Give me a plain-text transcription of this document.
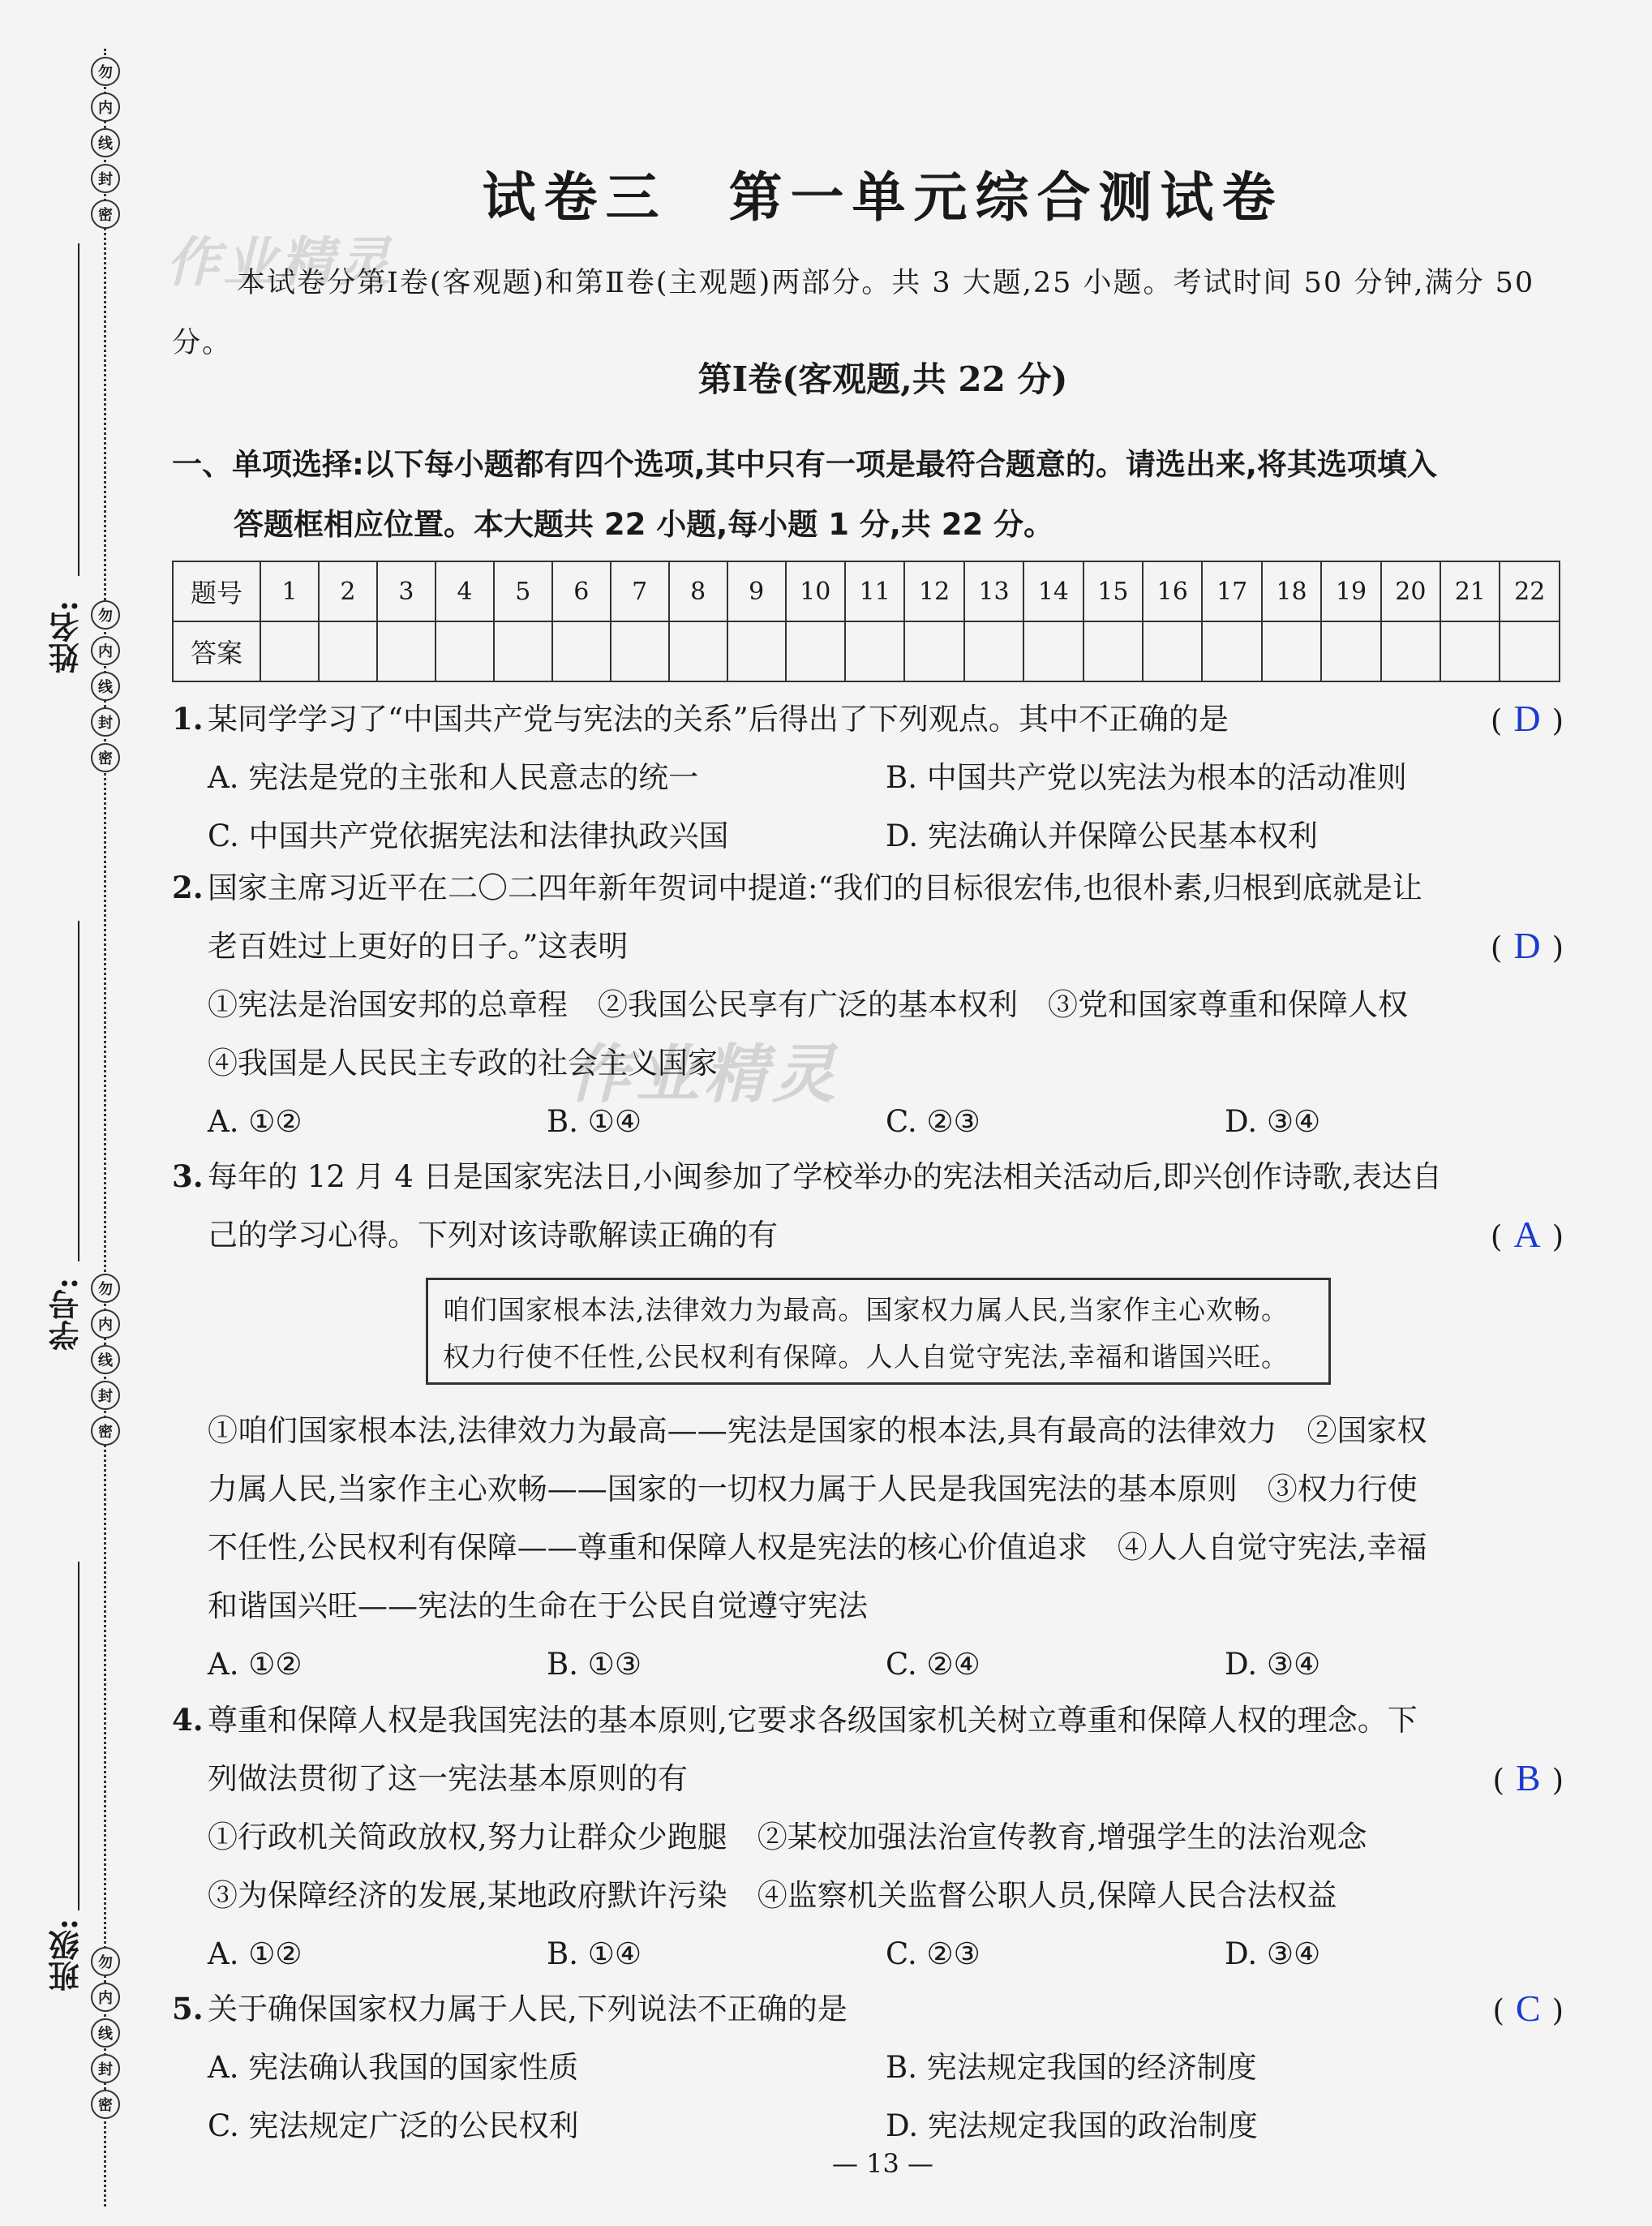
勿
内
线
封
密
姓名: 勿
内
线
封
密
学号: 勿
内
线
封
密
班级: 勿
内
线
封
密
作业精灵
作业精灵
试卷三　第一单元综合测试卷
本试卷分第Ⅰ卷(客观题)和第Ⅱ卷(主观题)两部分。共 3 大题,25 小题。考试时间 50 分钟,满分 50 分。
第Ⅰ卷(客观题,共 22 分)
一、单项选择:以下每小题都有四个选项,其中只有一项是最符合题意的。请选出来,将其选项填入
答题框相应位置。本大题共 22 小题,每小题 1 分,共 22 分。
题号	1	2	3	4	5	6	7	8	9	10	11	12	13	14	15	16	17	18	19	20	21	22
答案																						
1. 某同学学习了“中国共产党与宪法的关系”后得出了下列观点。其中不正确的是	( D )
A. 宪法是党的主张和人民意志的统一	B. 中国共产党以宪法为根本的活动准则
C. 中国共产党依据宪法和法律执政兴国	D. 宪法确认并保障公民基本权利
2. 国家主席习近平在二〇二四年新年贺词中提道:“我们的目标很宏伟,也很朴素,归根到底就是让
老百姓过上更好的日子。”这表明	( D )
①宪法是治国安邦的总章程　②我国公民享有广泛的基本权利　③党和国家尊重和保障人权
④我国是人民民主专政的社会主义国家
A. ①②	B. ①④	C. ②③	D. ③④
3. 每年的 12 月 4 日是国家宪法日,小闽参加了学校举办的宪法相关活动后,即兴创作诗歌,表达自
己的学习心得。下列对该诗歌解读正确的有	( A )
咱们国家根本法,法律效力为最高。国家权力属人民,当家作主心欢畅。
权力行使不任性,公民权利有保障。人人自觉守宪法,幸福和谐国兴旺。
①咱们国家根本法,法律效力为最高——宪法是国家的根本法,具有最高的法律效力　②国家权
力属人民,当家作主心欢畅——国家的一切权力属于人民是我国宪法的基本原则　③权力行使
不任性,公民权利有保障——尊重和保障人权是宪法的核心价值追求　④人人自觉守宪法,幸福
和谐国兴旺——宪法的生命在于公民自觉遵守宪法
A. ①②	B. ①③	C. ②④	D. ③④
4. 尊重和保障人权是我国宪法的基本原则,它要求各级国家机关树立尊重和保障人权的理念。下
列做法贯彻了这一宪法基本原则的有	( B )
①行政机关简政放权,努力让群众少跑腿　②某校加强法治宣传教育,增强学生的法治观念
③为保障经济的发展,某地政府默许污染　④监察机关监督公职人员,保障人民合法权益
A. ①②	B. ①④	C. ②③	D. ③④
5. 关于确保国家权力属于人民,下列说法不正确的是	( C )
A. 宪法确认我国的国家性质	B. 宪法规定我国的经济制度
C. 宪法规定广泛的公民权利	D. 宪法规定我国的政治制度
— 13 —
